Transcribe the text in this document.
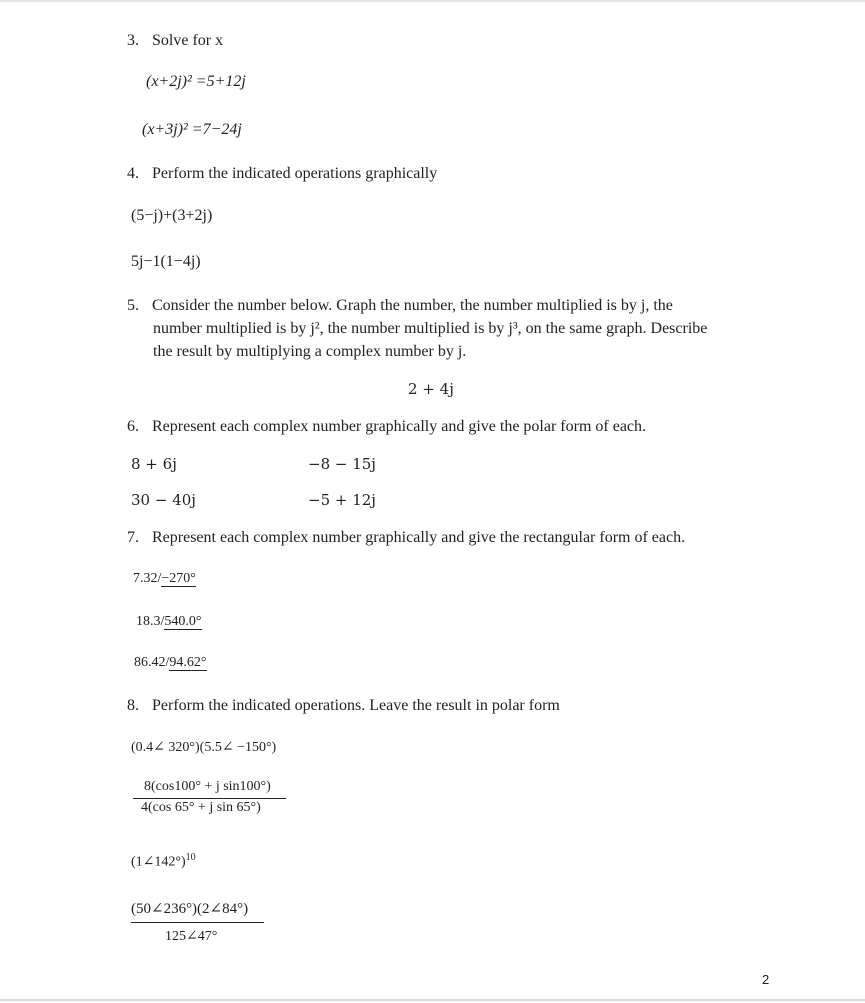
3. Solve for x
(x+2j)² =5+12j
(x+3j)² =7−24j
4. Perform the indicated operations graphically
(5−j)+(3+2j)
5j−1(1−4j)
5. Consider the number below. Graph the number, the number multiplied is by j, the
number multiplied is by j², the number multiplied is by j³, on the same graph. Describe
the result by multiplying a complex number by j.
2 + 4j
6. Represent each complex number graphically and give the polar form of each.
8 + 6j	−8 − 15j
30 − 40j	−5 + 12j
7. Represent each complex number graphically and give the rectangular form of each.
7.32/−270°
18.3/540.0°
86.42/94.62°
8. Perform the indicated operations. Leave the result in polar form
(0.4∠ 320°)(5.5∠ −150°)
8(cos100° + j sin100°)
4(cos 65° + j sin 65°)
(1∠142°)$^{10}$
(50∠236°)(2∠84°)
125∠47°
2
